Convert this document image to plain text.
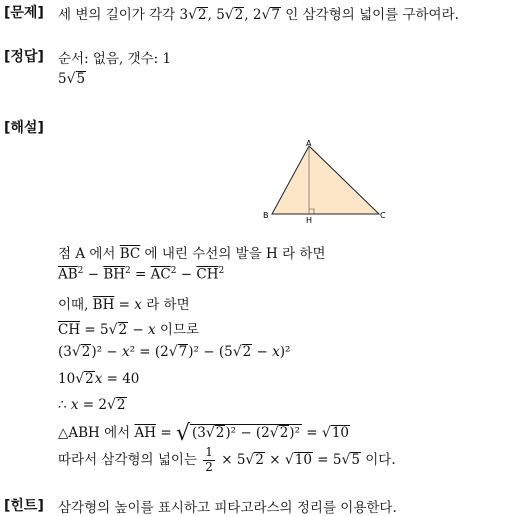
[문제] 세 변의 길이가 각각 3√2, 5√2, 2√7 인 삼각형의 넓이를 구하여라.
[정답] 순서: 없음, 갯수: 1
5√5
[해설]
A
B	C
H
점 A 에서 $\overline{BC}$ 에 내린 수선의 발을 H 라 하면
$\overline{AB}^2 - \overline{BH}^2 = \overline{AC}^2 - \overline{CH}^2$
이때, $\overline{BH} = x$ 라 하면
$\overline{CH} = 5√2 - x$ 이므로
(3√2)² − x² = (2√7)² − (5√2 − x)²
10√2x = 40
∴ x = 2√2
△ABH 에서 $\overline{AH}$ = √ (3√2)² − (2√2)² = √10
따라서 삼각형의 넓이는 $\frac{1}{2} \times 5√2 \times √10 = 5√5$ 이다.
[힌트] 삼각형의 높이를 표시하고 피타고라스의 정리를 이용한다.
